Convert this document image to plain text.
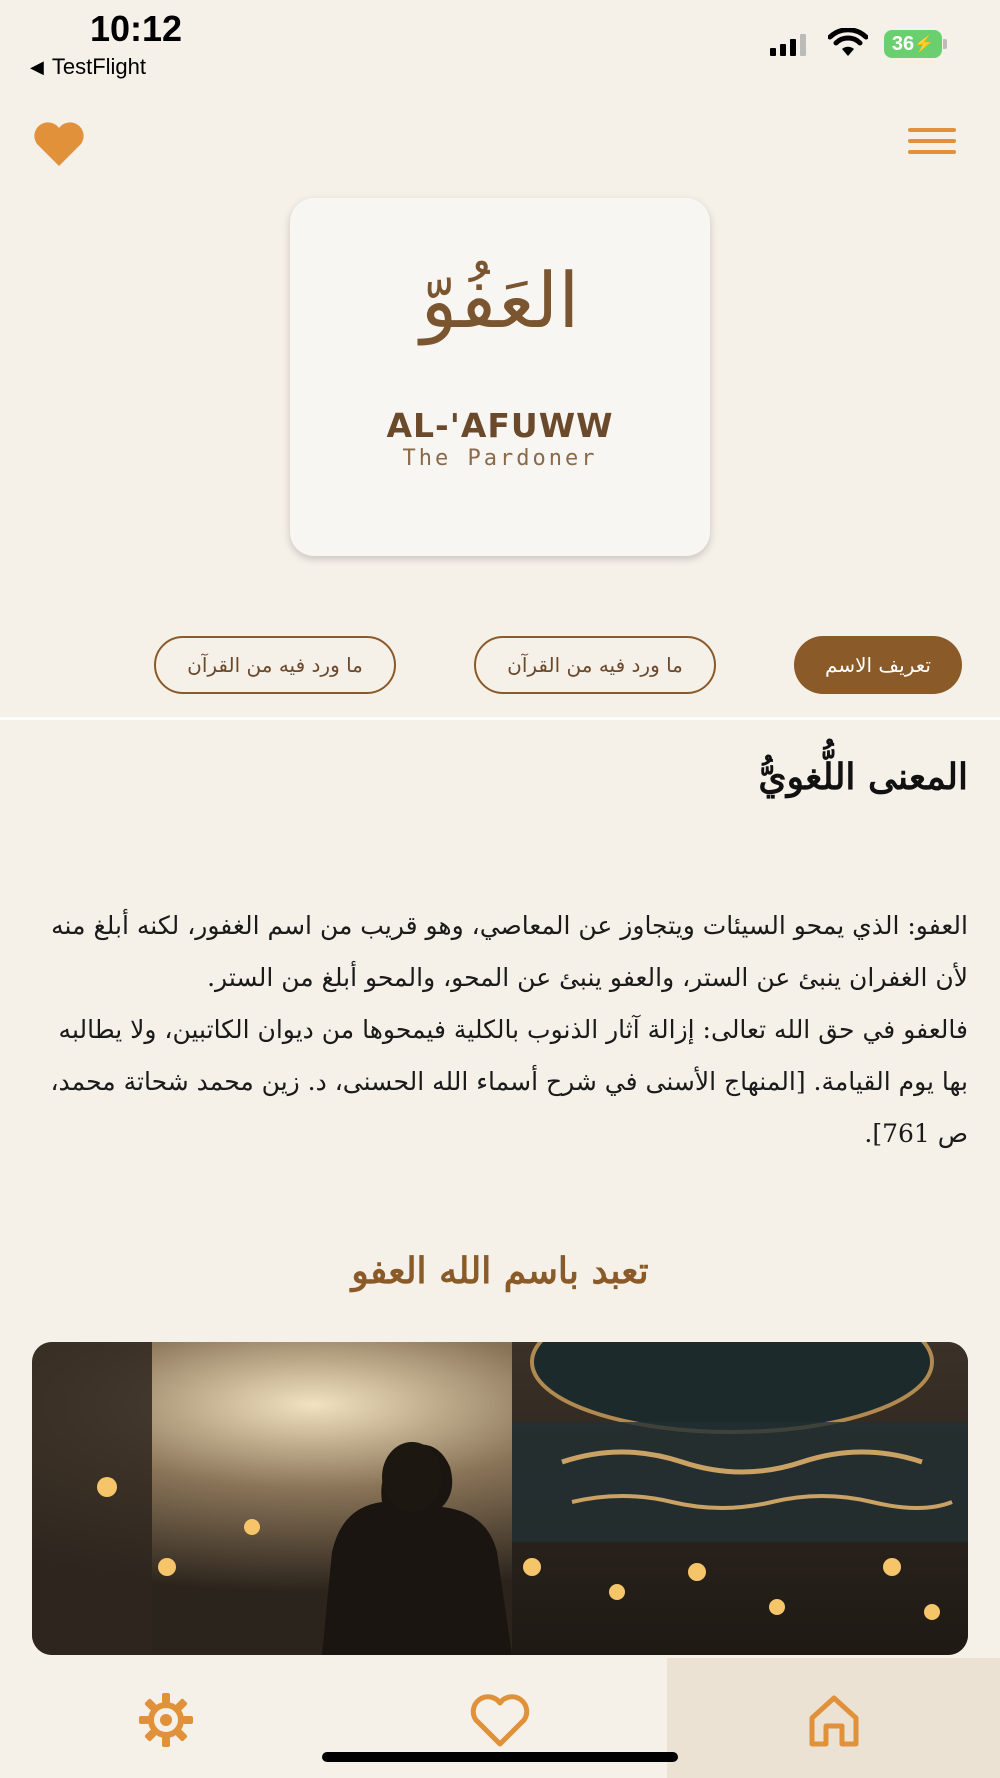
10:12
◀ TestFlight
36 ⚡
العَفُوّ
AL-'AFUWW
The Pardoner
تعريف الاسم
ما ورد فيه من القرآن
ما ورد فيه من القرآن
المعنى اللُّغويُّ

العفو: الذي يمحو السيئات ويتجاوز عن المعاصي، وهو قريب من اسم الغفور، لكنه أبلغ منه لأن الغفران ينبئ عن الستر، والعفو ينبئ عن المحو، والمحو أبلغ من الستر.

فالعفو في حق الله تعالى: إزالة آثار الذنوب بالكلية فيمحوها من ديوان الكاتبين، ولا يطالبه بها يوم القيامة. [المنهاج الأسنى في شرح أسماء الله الحسنى، د. زين محمد شحاتة محمد، ص 761].

تعبد باسم الله العفو
